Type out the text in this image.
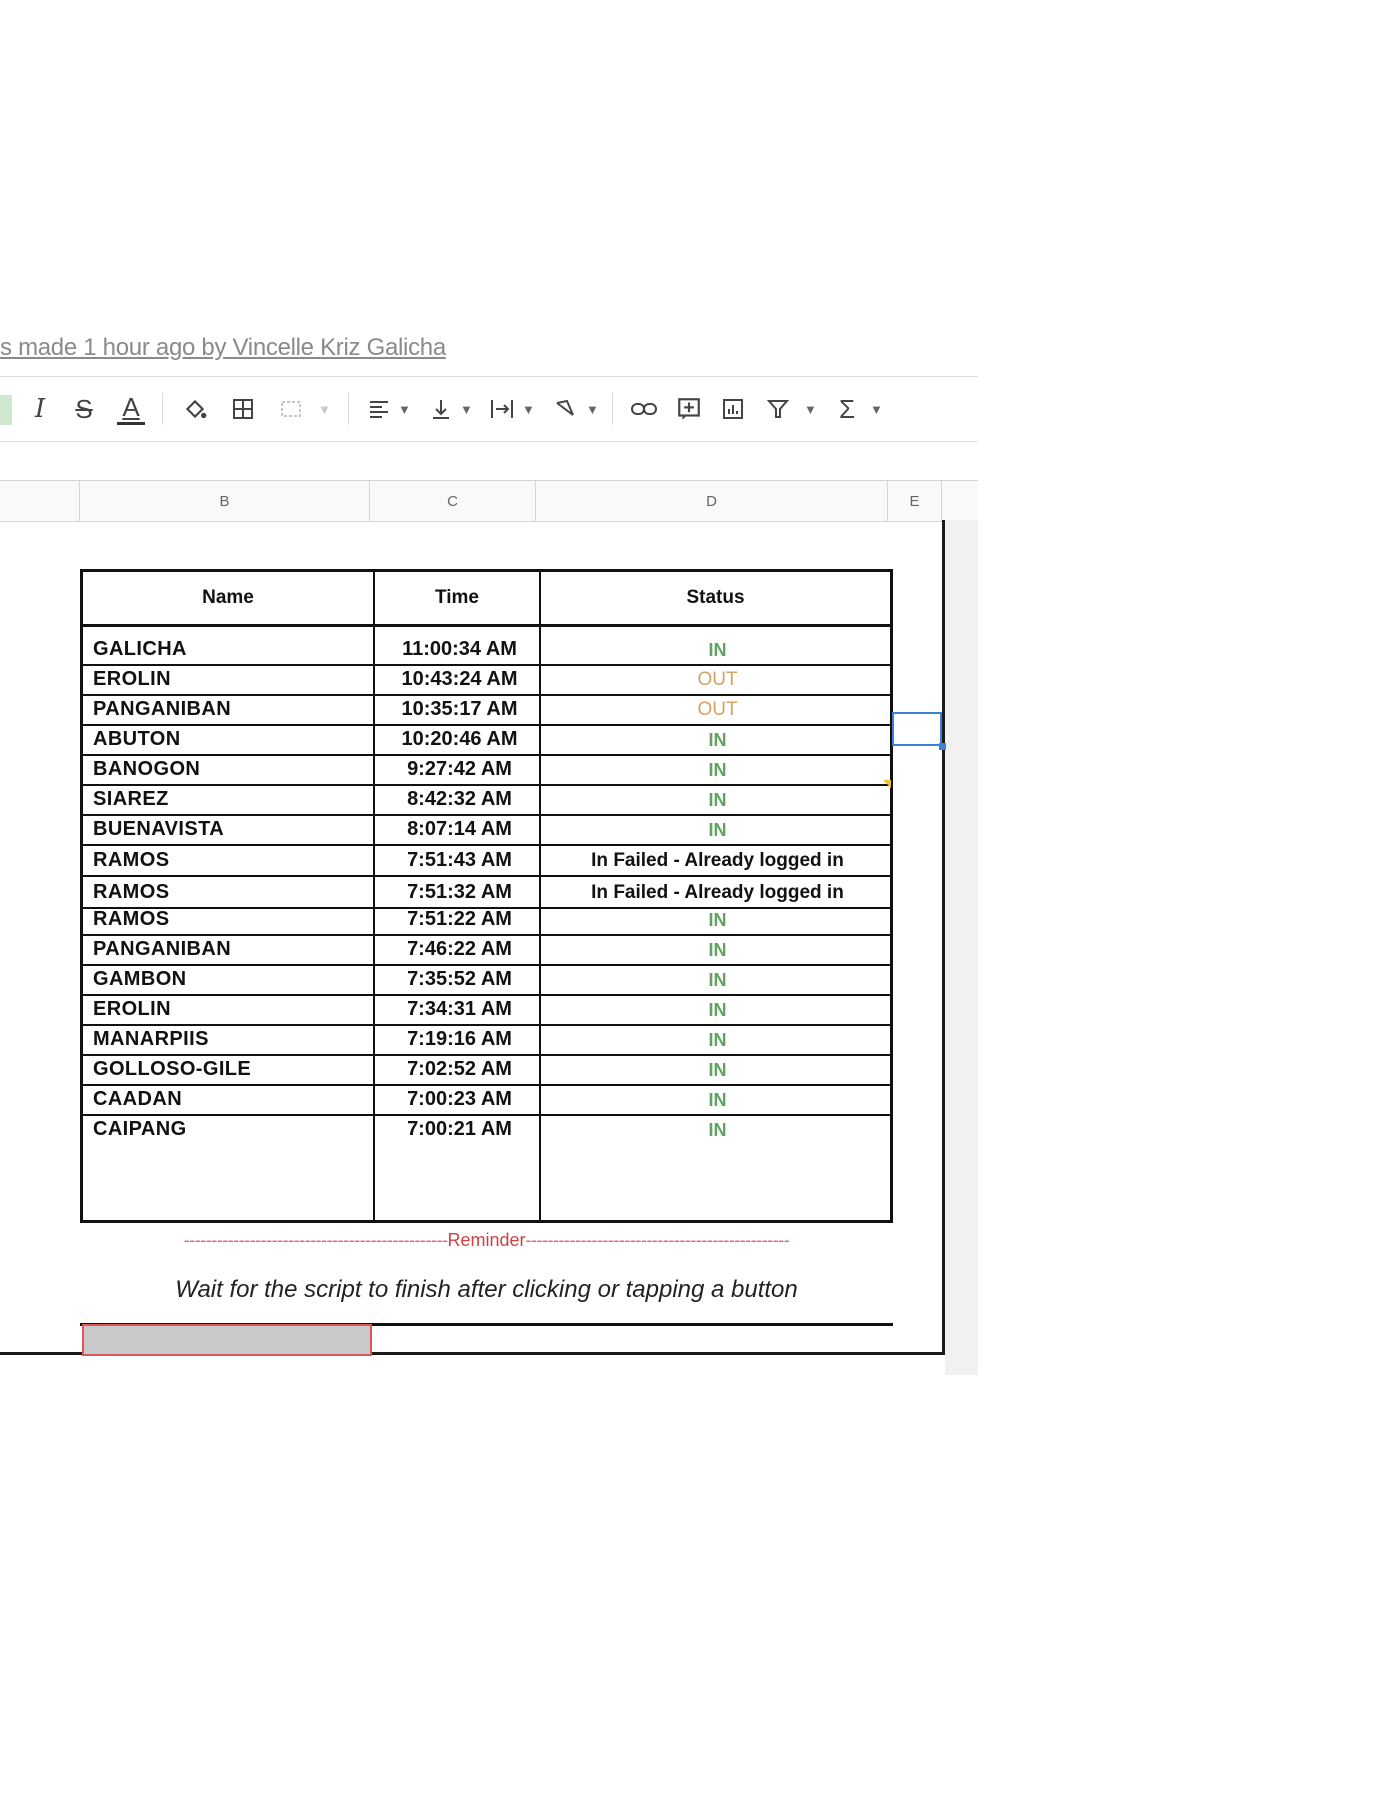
s made 1 hour ago by Vincelle Kriz Galicha
I S A	▼	▼	▼	▼	▼	▼ Σ ▼
B	C	D	E
Name	Time	Status
GALICHA	11:00:34 AM	IN
EROLIN	10:43:24 AM	OUT
PANGANIBAN	10:35:17 AM	OUT
ABUTON	10:20:46 AM	IN
BANOGON	9:27:42 AM	IN
SIAREZ	8:42:32 AM	IN
BUENAVISTA	8:07:14 AM	IN
RAMOS	7:51:43 AM	In Failed - Already logged in
RAMOS	7:51:32 AM	In Failed - Already logged in
RAMOS	7:51:22 AM	IN
PANGANIBAN	7:46:22 AM	IN
GAMBON	7:35:52 AM	IN
EROLIN	7:34:31 AM	IN
MANARPIIS	7:19:16 AM	IN
GOLLOSO-GILE	7:02:52 AM	IN
CAADAN	7:00:23 AM	IN
CAIPANG	7:00:21 AM	IN
------------------------------------------------Reminder------------------------------------------------
Wait for the script to finish after clicking or tapping a button
